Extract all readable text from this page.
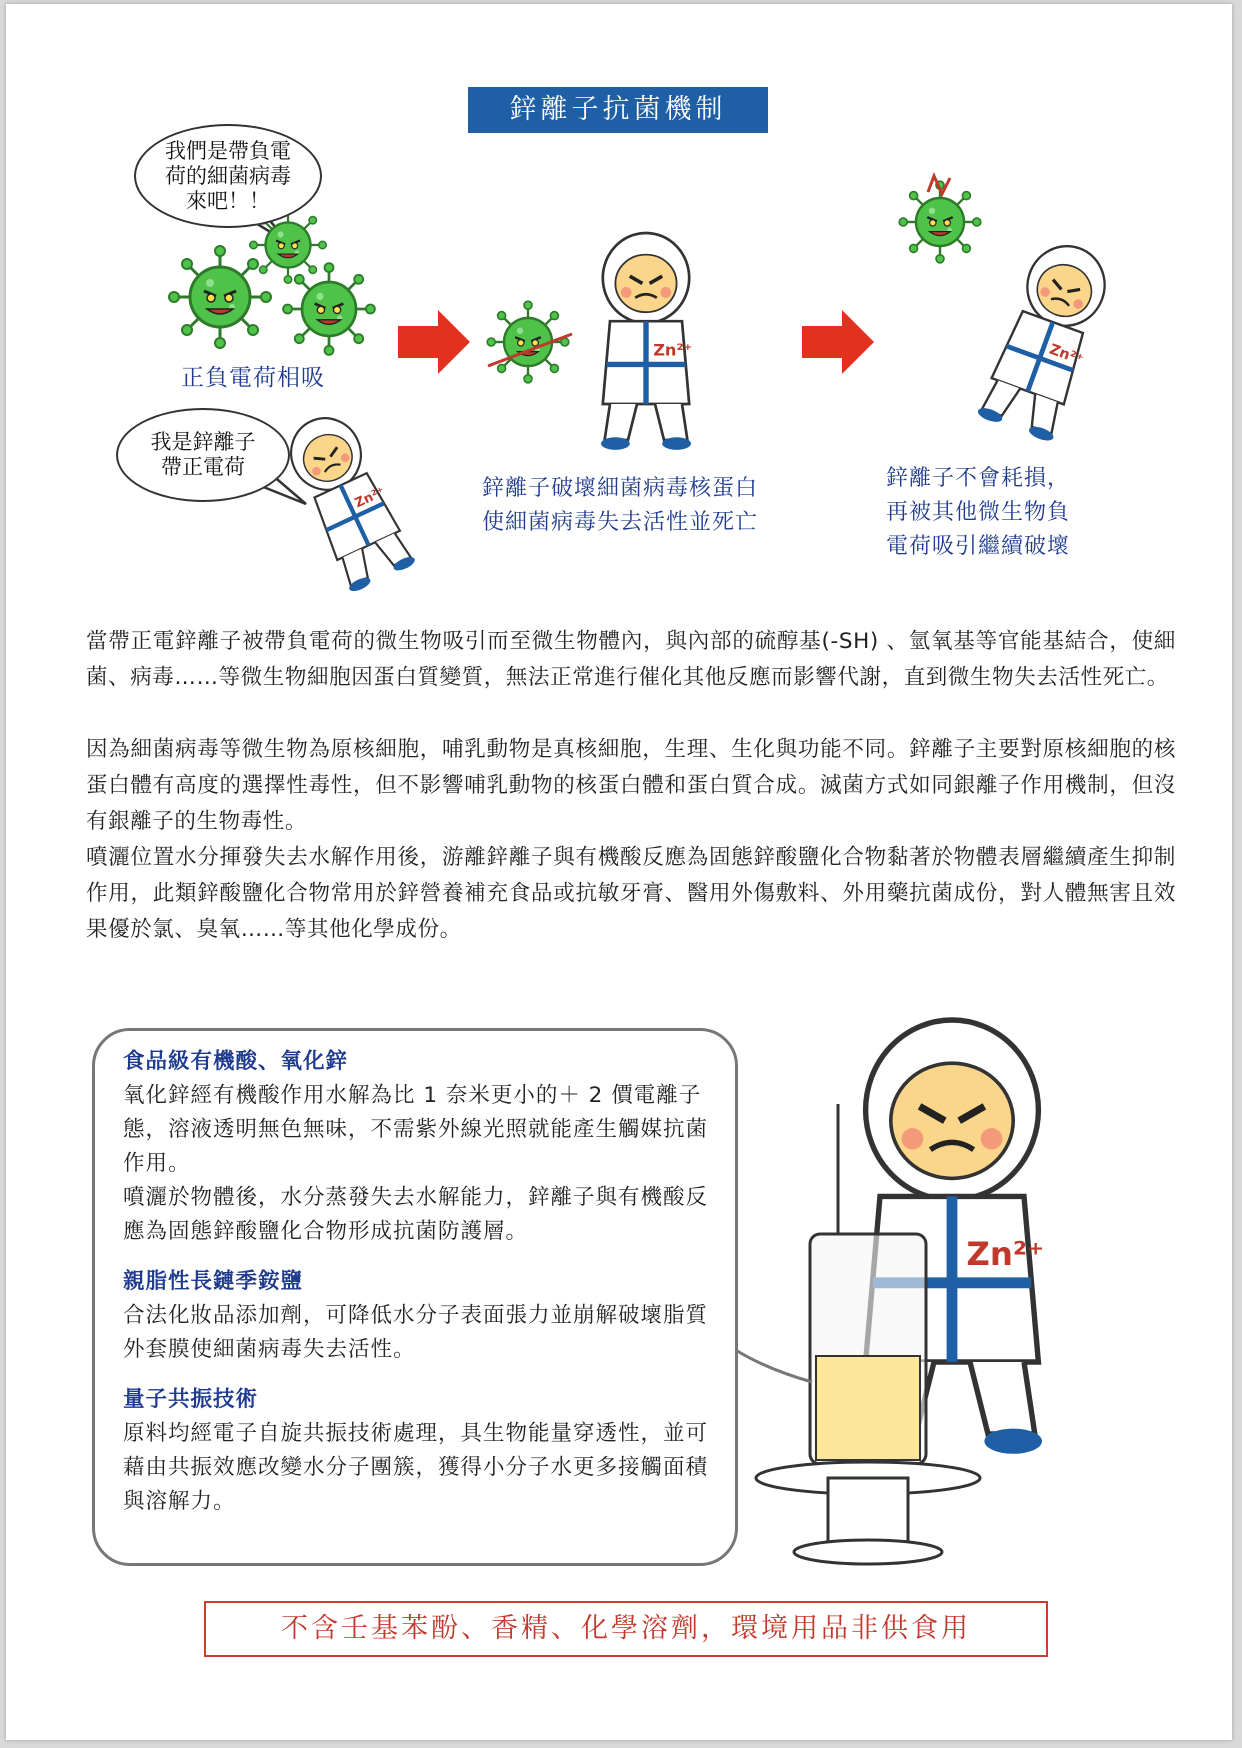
鋅離子抗菌機制
Zn²⁺
我們是帶負電
荷的細菌病毒
來吧！！
我是鋅離子
帶正電荷
正負電荷相吸
鋅離子破壞細菌病毒核蛋白
使細菌病毒失去活性並死亡
鋅離子不會耗損，
再被其他微生物負
電荷吸引繼續破壞
當帶正電鋅離子被帶負電荷的微生物吸引而至微生物體內，與內部的硫醇基(-SH) 、氫氧基等官能基結合，使細菌、病毒……等微生物細胞因蛋白質變質，無法正常進行催化其他反應而影響代謝，直到微生物失去活性死亡。
因為細菌病毒等微生物為原核細胞，哺乳動物是真核細胞，生理、生化與功能不同。鋅離子主要對原核細胞的核蛋白體有高度的選擇性毒性，但不影響哺乳動物的核蛋白體和蛋白質合成。滅菌方式如同銀離子作用機制，但沒有銀離子的生物毒性。
噴灑位置水分揮發失去水解作用後，游離鋅離子與有機酸反應為固態鋅酸鹽化合物黏著於物體表層繼續產生抑制作用，此類鋅酸鹽化合物常用於鋅營養補充食品或抗敏牙膏、醫用外傷敷料、外用藥抗菌成份，對人體無害且效果優於氯、臭氧……等其他化學成份。
食品級有機酸、氧化鋅
氧化鋅經有機酸作用水解為比 1 奈米更小的＋ 2 價電離子態，溶液透明無色無味，不需紫外線光照就能產生觸媒抗菌作用。
噴灑於物體後，水分蒸發失去水解能力，鋅離子與有機酸反應為固態鋅酸鹽化合物形成抗菌防護層。
親脂性長鏈季銨鹽
合法化妝品添加劑，可降低水分子表面張力並崩解破壞脂質外套膜使細菌病毒失去活性。
量子共振技術
原料均經電子自旋共振技術處理，具生物能量穿透性，並可藉由共振效應改變水分子團簇，獲得小分子水更多接觸面積與溶解力。
不含壬基苯酚、香精、化學溶劑，環境用品非供食用
